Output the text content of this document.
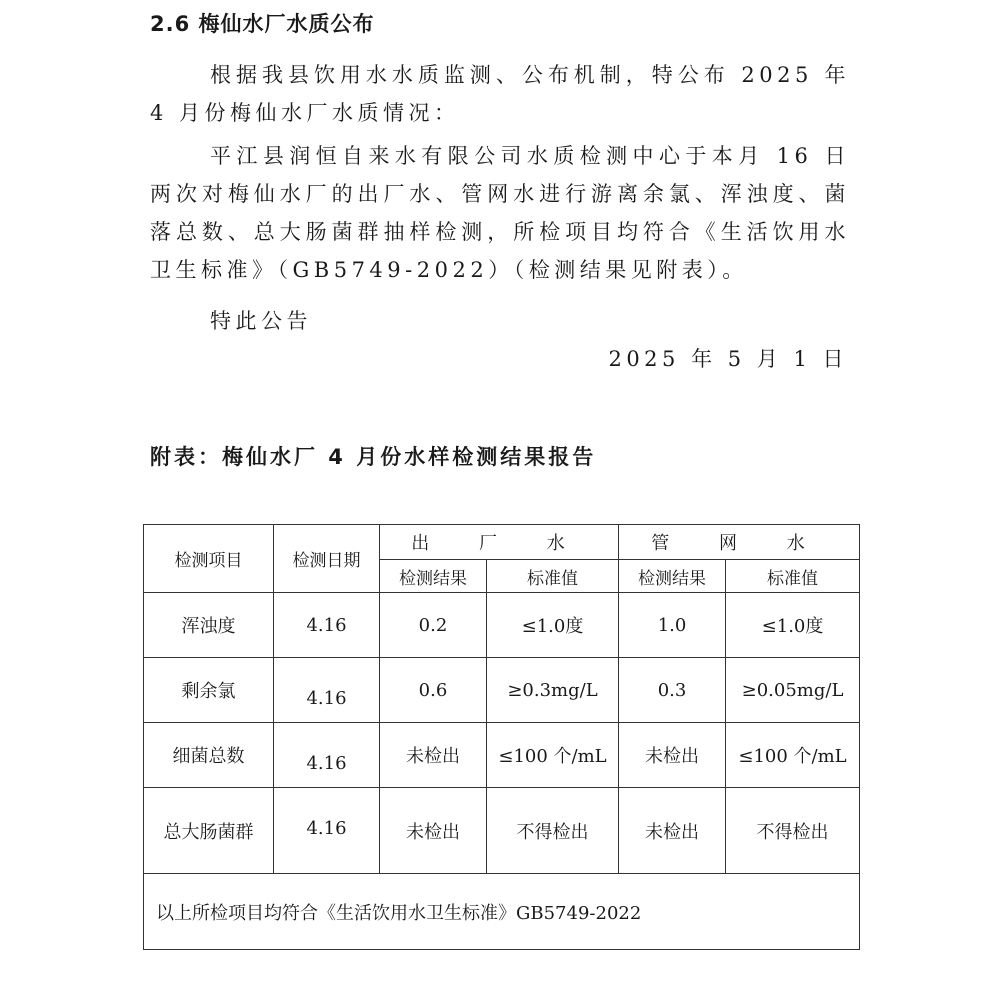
2.6 梅仙水厂水质公布
根据我县饮用水水质监测、公布机制，特公布 2025 年 4 月份梅仙水厂水质情况：
平江县润恒自来水有限公司水质检测中心于本月 16 日两次对梅仙水厂的出厂水、管网水进行游离余氯、浑浊度、菌落总数、总大肠菌群抽样检测，所检项目均符合《生活饮用水卫生标准》（GB5749-2022）（检测结果见附表）。
特此公告
2025 年 5 月 1 日
附表：梅仙水厂 4 月份水样检测结果报告
检测项目	检测日期	出 厂 水		管 网 水	
		检测结果	标准值	检测结果	标准值
浑浊度	4.16	0.2	≤1.0度	1.0	≤1.0度
剩余氯	4.16	0.6	≥0.3mg/L	0.3	≥0.05mg/L
细菌总数	4.16	未检出	≤100 个/mL	未检出	≤100 个/mL
总大肠菌群	4.16	未检出	不得检出	未检出	不得检出
以上所检项目均符合《生活饮用水卫生标准》GB5749-2022					
